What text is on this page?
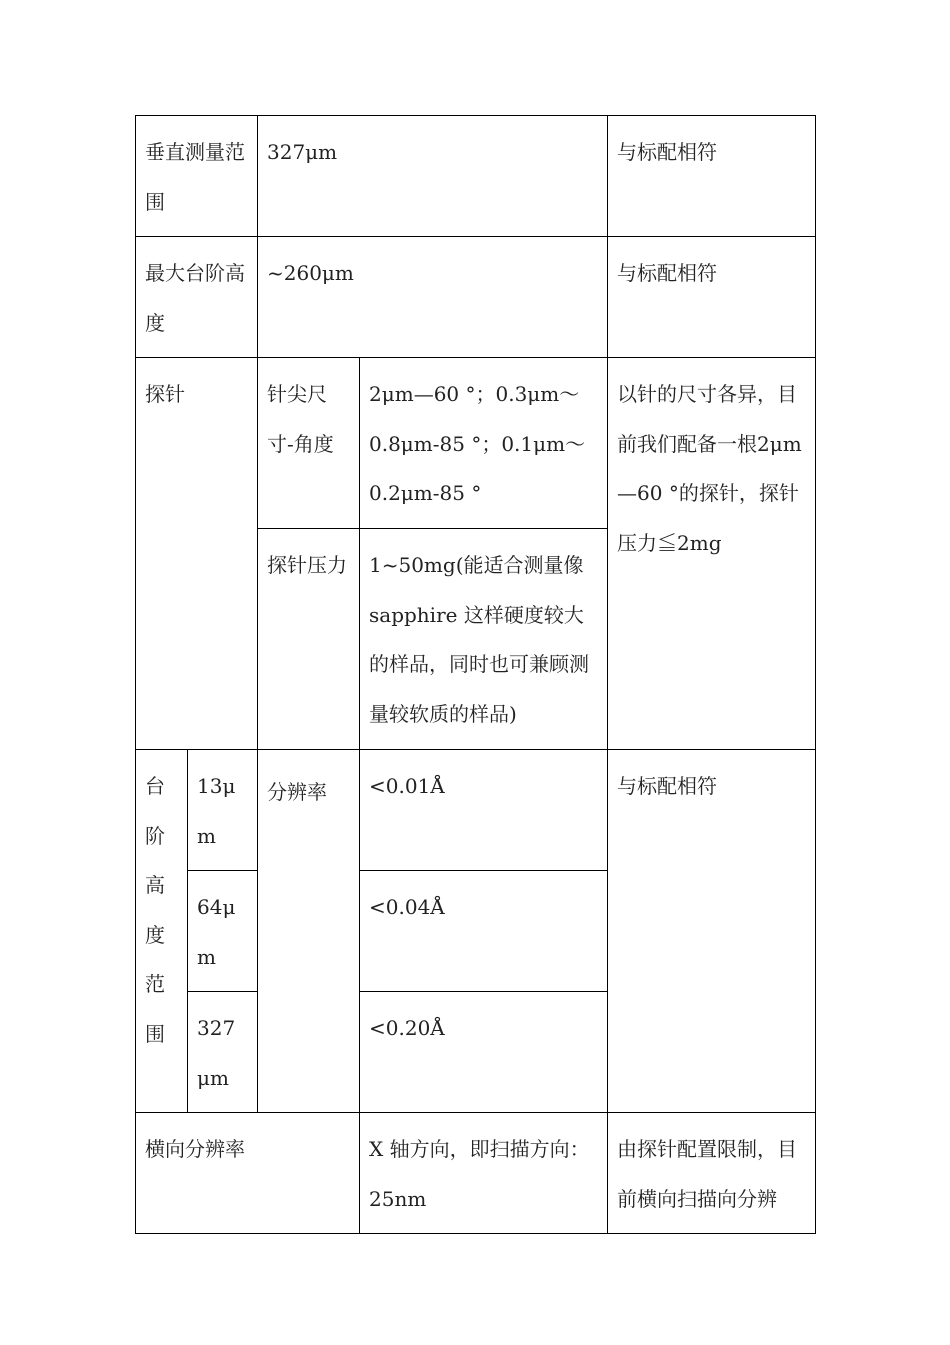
垂直测量范围		327μm		与标配相符

最大台阶高度		~260μm		与标配相符

探针		针尖尺寸-角度	2μm—60 °；0.3μm～0.8μm-85 °；0.1μm～0.2μm-85 °	以针的尺寸各异，目前我们配备一根2μm—60 °的探针，探针压力≦2mg

		探针压力	1~50mg(能适合测量像 sapphire 这样硬度较大的样品，同时也可兼顾测量较软质的样品)	

台阶高度范围	13μm	分辨率	<0.01Å	与标配相符

	64μm		<0.04Å	

	327 μm		<0.20Å	

横向分辨率			X 轴方向，即扫描方向：25nm	由探针配置限制，目前横向扫描向分辨
